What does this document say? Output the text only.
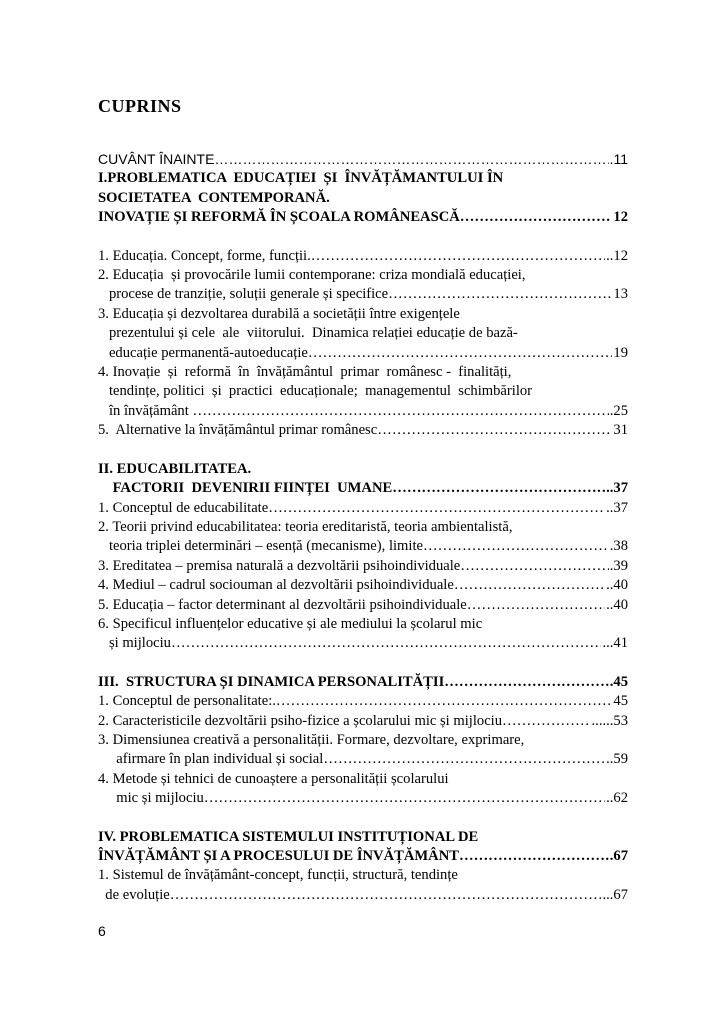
CUPRINS
CUVÂNT ÎNAINTE ……………………………………………………………………………………………………………………………………………	.11
I.PROBLEMATICA  EDUCAȚIEI  ȘI  ÎNVĂȚĂMANTULUI ÎN
SOCIETATEA  CONTEMPORANĂ.
INOVAȚIE ȘI REFORMĂ ÎN ȘCOALA ROMÂNEASCĂ ……………………………………………………………………………………………………………………………………………	12
1. Educația. Concept, forme, funcții. ……………………………………………………………………………………………………………………………………………	..12
2. Educația  și provocările lumii contemporane: criza mondială educației,
procese de tranziție, soluții generale și specifice ……………………………………………………………………………………………………………………………………………	13
3. Educația și dezvoltarea durabilă a societății între exigențele
prezentului și cele  ale  viitorului.  Dinamica relației educație de bază-
educație permanentă-autoeducație ……………………………………………………………………………………………………………………………………………	19
4. Inovație  și  reformă  în  învățământul  primar  românesc -  finalități,
tendințe, politici  și  practici  educaționale;  managementul  schimbărilor
în învățământ ……………………………………………………………………………………………………………………………………………	.25
5.  Alternative la învățământul primar românesc ……………………………………………………………………………………………………………………………………………	31
II. EDUCABILITATEA.
FACTORII  DEVENIRII FIINȚEI  UMANE ……………………………………………………………………………………………………………………………………………	..37
1. Conceptul de educabilitate ……………………………………………………………………………………………………………………………………………	..37
2. Teorii privind educabilitatea: teoria ereditaristă, teoria ambientalistă,
teoria triplei determinări – esență (mecanisme), limite ……………………………………………………………………………………………………………………………………………	.38
3. Ereditatea – premisa naturală a dezvoltării psihoindividuale ……………………………………………………………………………………………………………………………………………	.39
4. Mediul – cadrul sociouman al dezvoltării psihoindividuale ……………………………………………………………………………………………………………………………………………	..40
5. Educația – factor determinant al dezvoltării psihoindividuale ……………………………………………………………………………………………………………………………………………	..40
6. Specificul influențelor educative și ale mediului la școlarul mic
și mijlociu ……………………………………………………………………………………………………………………………………………	...41
III.  STRUCTURA ȘI DINAMICA PERSONALITĂȚII ……………………………………………………………………………………………………………………………………………	.45
1. Conceptul de personalitate:. ……………………………………………………………………………………………………………………………………………	45
2. Caracteristicile dezvoltării psiho-fizice a școlarului mic și mijlociu ……………………………………………………………………………………………………………………………………………	......53
3. Dimensiunea creativă a personalității. Formare, dezvoltare, exprimare,
afirmare în plan individual și social ……………………………………………………………………………………………………………………………………………	.59
4. Metode și tehnici de cunoaștere a personalității școlarului
mic și mijlociu ……………………………………………………………………………………………………………………………………………	..62
IV. PROBLEMATICA SISTEMULUI INSTITUȚIONAL DE
ÎNVĂȚĂMÂNT ȘI A PROCESULUI DE ÎNVĂȚĂMÂNT ……………………………………………………………………………………………………………………………………………	.67
1. Sistemul de învățământ-concept, funcții, structură, tendințe
de evoluție ……………………………………………………………………………………………………………………………………………	...67
6
